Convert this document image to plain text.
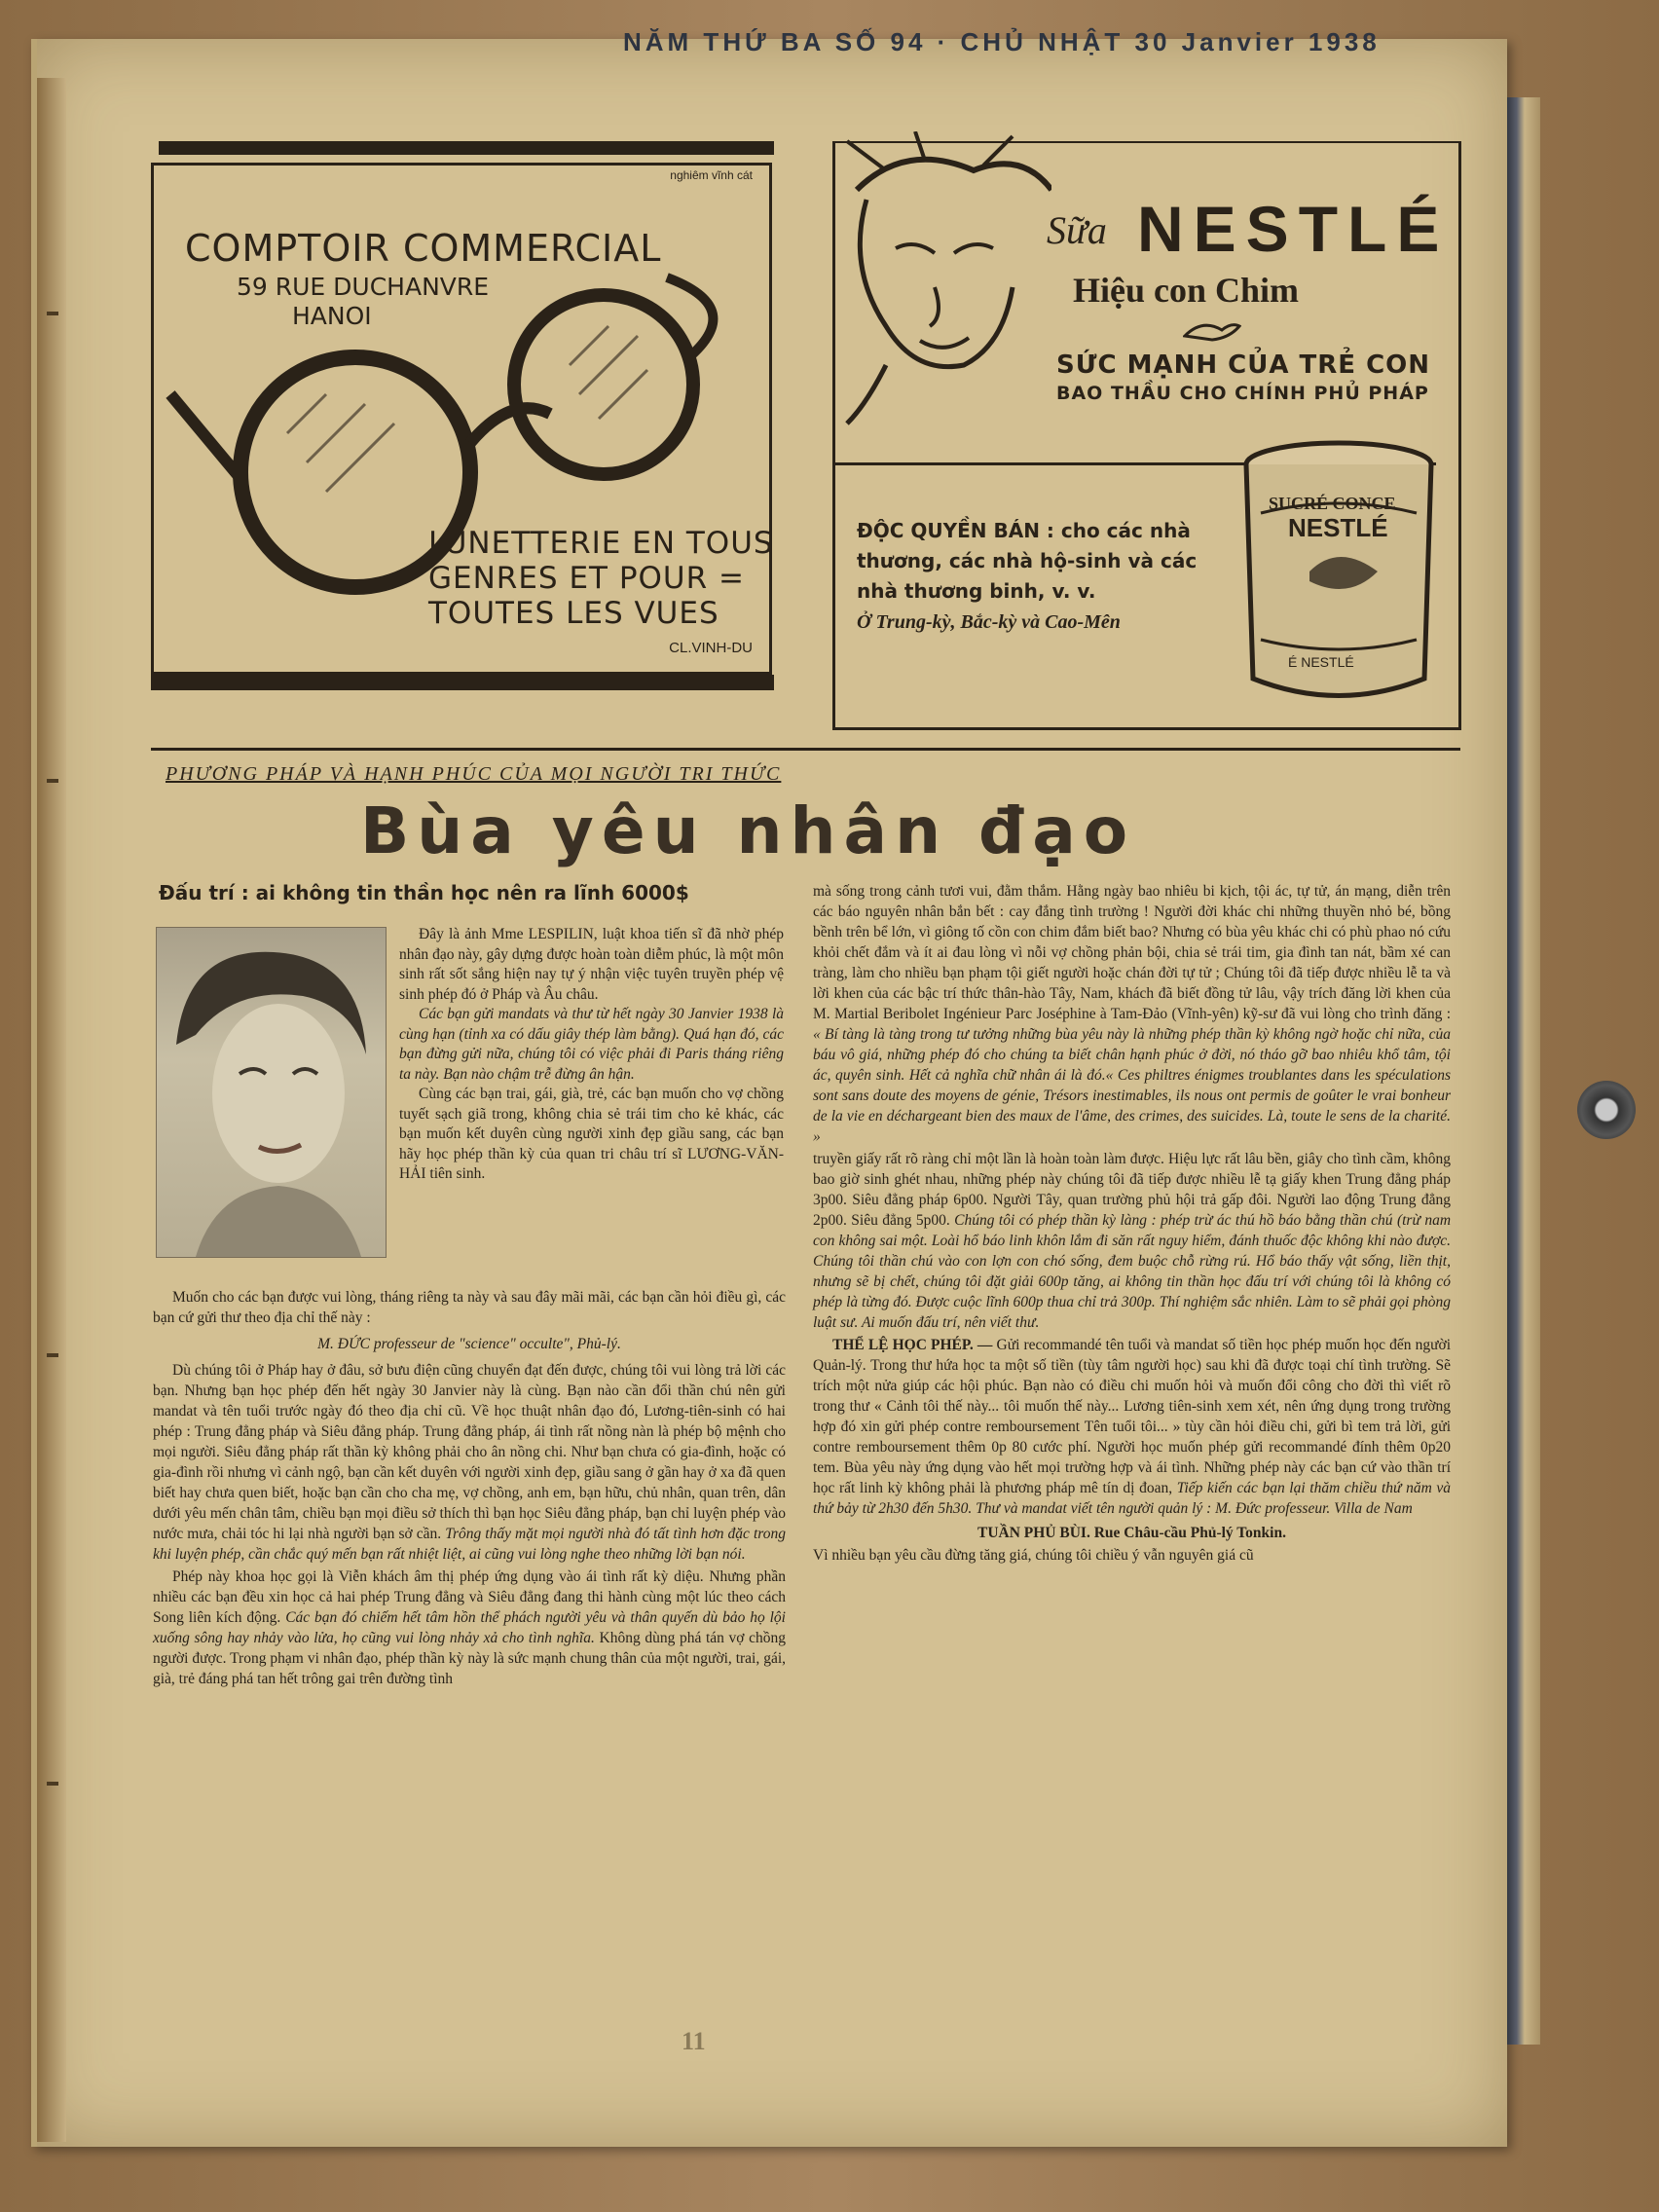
NĂM THỨ BA SỐ 94 · CHỦ NHẬT 30 Janvier 1938
nghiêm vĩnh cát
COMPTOIR COMMERCIAL
59 RUE DUCHANVRE
HANOI
LUNETTERIE EN TOUS
GENRES ET POUR =
TOUTES LES VUES
CL.VINH-DU
Sữa NESTLÉ
Hiệu con Chim
SỨC MẠNH CỦA TRẺ CON
BAO THẦU CHO CHÍNH PHỦ PHÁP
ĐỘC QUYỀN BÁN : cho các nhà thương, các nhà hộ-sinh và các nhà thương binh, v. v.
Ở Trung-kỳ, Bắc-kỳ và Cao-Mên
SUCRÉ CONCE
NESTLÉ
É NESTLÉ
PHƯƠNG PHÁP VÀ HẠNH PHÚC CỦA MỌI NGƯỜI TRI THỨC
Bùa yêu nhân đạo
Đấu trí : ai không tin thần học nên ra lĩnh 6000$
Đây là ảnh Mme LESPILIN, luật khoa tiến sĩ đã nhờ phép nhân đạo này, gây dựng được hoàn toàn diễm phúc, là một môn sinh rất sốt sắng hiện nay tự ý nhận việc tuyên truyền phép vệ sinh phép đó ở Pháp và Âu châu.
Các bạn gửi mandats và thư từ hết ngày 30 Janvier 1938 là cùng hạn (tỉnh xa có dấu giây thép làm bằng). Quá hạn đó, các bạn đừng gửi nữa, chúng tôi có việc phải đi Paris tháng riêng ta này. Bạn nào chậm trễ đừng ân hận.
Cùng các bạn trai, gái, già, trẻ, các bạn muốn cho vợ chồng tuyết sạch giã trong, không chia sẻ trái tim cho kẻ khác, các bạn muốn kết duyên cùng người xinh đẹp giầu sang, các bạn hãy học phép thần kỳ của quan tri châu trí sĩ LƯƠNG-VĂN-HẢI tiên sinh.

Muốn cho các bạn được vui lòng, tháng riêng ta này và sau đây mãi mãi, các bạn cần hỏi điều gì, các bạn cứ gửi thư theo địa chỉ thế này :

M. ĐỨC professeur de "science" occulte", Phủ-lý.

Dù chúng tôi ở Pháp hay ở đâu, sở bưu điện cũng chuyển đạt đến được, chúng tôi vui lòng trả lời các bạn. Nhưng bạn học phép đến hết ngày 30 Janvier này là cùng. Bạn nào cần đổi thần chú nên gửi mandat và tên tuổi trước ngày đó theo địa chỉ cũ. Về học thuật nhân đạo đó, Lương-tiên-sinh có hai phép : Trung đẳng pháp và Siêu đẳng pháp. Trung đẳng pháp, ái tình rất nồng nàn là phép bộ mệnh cho mọi người. Siêu đẳng pháp rất thần kỳ không phải cho ân nồng chi. Như bạn chưa có gia-đình, hoặc có gia-đình rồi nhưng vì cảnh ngộ, bạn cần kết duyên với người xinh đẹp, giầu sang ở gần hay ở xa đã quen biết hay chưa quen biết, hoặc bạn cần cho cha mẹ, vợ chồng, anh em, bạn hữu, chủ nhân, quan trên, dân dưới yêu mến chân tâm, chiều bạn mọi điều sở thích thì bạn học Siêu đẳng pháp, bạn chỉ luyện phép vào nước mưa, chải tóc hi lại nhà người bạn sở cần. Trông thấy mặt mọi người nhà đó tất tình hơn đặc trong khi luyện phép, cần chắc quý mến bạn rất nhiệt liệt, ai cũng vui lòng nghe theo những lời bạn nói.

Phép này khoa học gọi là Viễn khách âm thị phép ứng dụng vào ái tình rất kỳ diệu. Nhưng phần nhiều các bạn đều xin học cả hai phép Trung đẳng và Siêu đẳng đang thi hành cùng một lúc theo cách Song liên kích động. Các bạn đó chiếm hết tâm hồn thể phách người yêu và thân quyến dù bảo họ lội xuống sông hay nhảy vào lửa, họ cũng vui lòng nhảy xả cho tình nghĩa. Không dùng phá tán vợ chồng người được. Trong phạm vi nhân đạo, phép thần kỳ này là sức mạnh chung thân của một người, trai, gái, già, trẻ đáng phá tan hết trông gai trên đường tình

mà sống trong cảnh tươi vui, đằm thắm. Hằng ngày bao nhiêu bi kịch, tội ác, tự tử, án mạng, diễn trên các báo nguyên nhân bắn bết : cay đắng tình trường ! Người đời khác chi những thuyền nhỏ bé, bồng bềnh trên bể lớn, vì giông tố cồn con chim đắm biết bao? Nhưng có bùa yêu khác chi có phù phao nó cứu khỏi chết đắm và ít ai đau lòng vì nỗi vợ chồng phản bội, chia sẻ trái tim, gia đình tan nát, bầm xé can tràng, làm cho nhiều bạn phạm tội giết người hoặc chán đời tự tử ; Chúng tôi đã tiếp được nhiều lễ ta và lời khen của các bậc trí thức thân-hào Tây, Nam, khách đã biết đồng tử lâu, vậy trích đăng lời khen của M. Martial Beribolet Ingénieur Parc Joséphine à Tam-Đảo (Vĩnh-yên) kỹ-sư đã vui lòng cho trình đăng : « Bí tàng là tàng trong tư tưởng những bùa yêu này là những phép thần kỳ không ngờ hoặc chỉ nữa, của báu vô giá, những phép đó cho chúng ta biết chân hạnh phúc ở đời, nó tháo gỡ bao nhiêu khổ tâm, tội ác, quyên sinh. Hết cả nghĩa chữ nhân ái là đó.« Ces philtres énigmes troublantes dans les spéculations sont sans doute des moyens de génie, Trésors inestimables, ils nous ont permis de goûter le vrai bonheur de la vie en déchargeant bien des maux de l'âme, des crimes, des suicides. Là, toute le sens de la charité. »

truyền giấy rất rõ ràng chỉ một lần là hoàn toàn làm được. Hiệu lực rất lâu bền, giây cho tình cầm, không bao giờ sinh ghét nhau, những phép này chúng tôi đã tiếp được nhiều lễ tạ giấy khen Trung đẳng pháp 3p00. Siêu đẳng pháp 6p00. Người Tây, quan trường phủ hội trả gấp đôi. Người lao động Trung đẳng 2p00. Siêu đẳng 5p00. Chúng tôi có phép thần kỳ làng : phép trừ ác thú hồ báo bằng thần chú (trừ nam con không sai một. Loài hổ báo linh khôn lắm đi săn rất nguy hiểm, đánh thuốc độc không khi nào được. Chúng tôi thần chú vào con lợn con chó sống, đem buộc chỗ rừng rú. Hổ báo thấy vật sống, liền thịt, nhưng sẽ bị chết, chúng tôi đặt giải 600p tăng, ai không tin thần học đấu trí với chúng tôi là không có phép là từng đó. Được cuộc lĩnh 600p thua chỉ trả 300p. Thí nghiệm sắc nhiên. Làm to sẽ phải gọi phòng luật sư. Ai muốn đấu trí, nên viết thư.

THỂ LỆ HỌC PHÉP. — Gửi recommandé tên tuổi và mandat số tiền học phép muốn học đến người Quản-lý. Trong thư hứa học ta một số tiền (tùy tâm người học) sau khi đã được toại chí tình trường. Sẽ trích một nửa giúp các hội phúc. Bạn nào có điều chi muốn hỏi và muốn đổi công cho đời thì viết rõ trong thư « Cảnh tôi thế này... tôi muốn thế này... Lương tiên-sinh xem xét, nên ứng dụng trong trường hợp đó xin gửi phép contre remboursement Tên tuổi tôi... » tùy cần hỏi điều chi, gửi bì tem trả lời, gửi contre remboursement thêm 0p 80 cước phí. Người học muốn phép gửi recommandé đính thêm 0p20 tem. Bùa yêu này ứng dụng vào hết mọi trường hợp và ái tình. Những phép này các bạn cứ vào thần trí học rất linh kỳ không phải là phương pháp mê tín dị đoan, Tiếp kiến các bạn lại thăm chiều thứ năm và thứ bảy từ 2h30 đến 5h30. Thư và mandat viết tên người quản lý : M. Đức professeur. Villa de Nam

TUẦN PHỦ BÙI. Rue Châu-cầu Phủ-lý Tonkin.

Vì nhiều bạn yêu cầu đừng tăng giá, chúng tôi chiều ý vẫn nguyên giá cũ

11
